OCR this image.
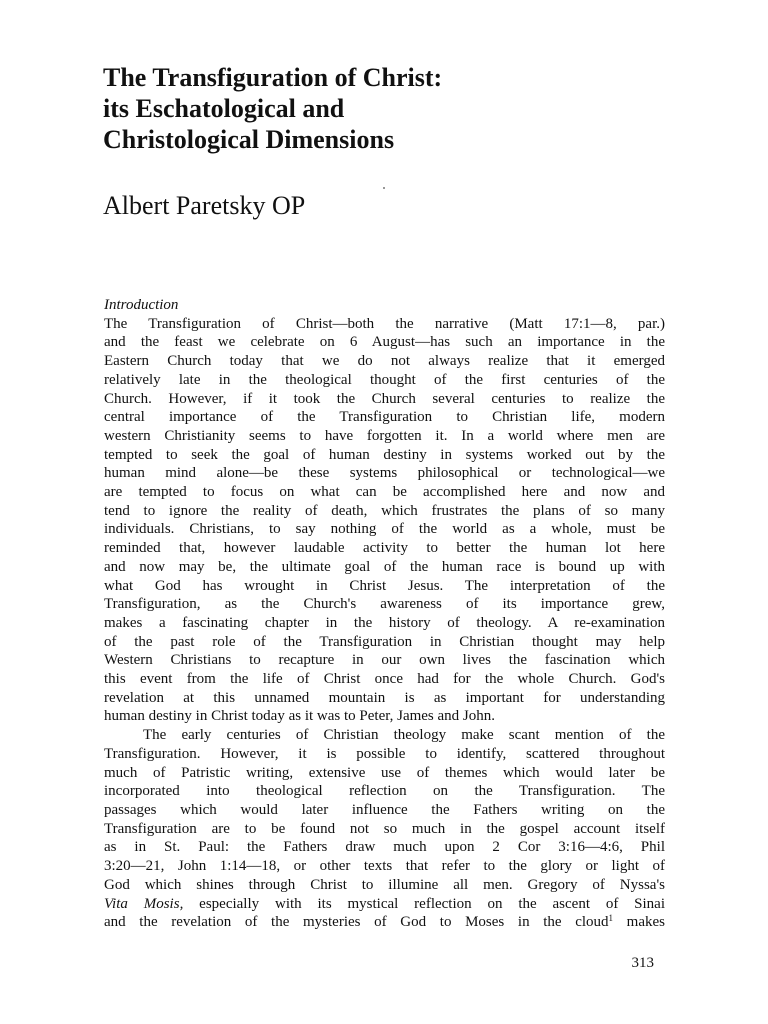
The Transfiguration of Christ:
its Eschatological and
Christological Dimensions
Albert Paretsky OP
Introduction
The Transfiguration of Christ—both the narrative (Matt 17:1—8, par.)
and the feast we celebrate on 6 August—has such an importance in the
Eastern Church today that we do not always realize that it emerged
relatively late in the theological thought of the first centuries of the
Church. However, if it took the Church several centuries to realize the
central importance of the Transfiguration to Christian life, modern
western Christianity seems to have forgotten it. In a world where men are
tempted to seek the goal of human destiny in systems worked out by the
human mind alone—be these systems philosophical or technological—we
are tempted to focus on what can be accomplished here and now and
tend to ignore the reality of death, which frustrates the plans of so many
individuals. Christians, to say nothing of the world as a whole, must be
reminded that, however laudable activity to better the human lot here
and now may be, the ultimate goal of the human race is bound up with
what God has wrought in Christ Jesus. The interpretation of the
Transfiguration, as the Church's awareness of its importance grew,
makes a fascinating chapter in the history of theology. A re-examination
of the past role of the Transfiguration in Christian thought may help
Western Christians to recapture in our own lives the fascination which
this event from the life of Christ once had for the whole Church. God's
revelation at this unnamed mountain is as important for understanding
human destiny in Christ today as it was to Peter, James and John.
The early centuries of Christian theology make scant mention of the
Transfiguration. However, it is possible to identify, scattered throughout
much of Patristic writing, extensive use of themes which would later be
incorporated into theological reflection on the Transfiguration. The
passages which would later influence the Fathers writing on the
Transfiguration are to be found not so much in the gospel account itself
as in St. Paul: the Fathers draw much upon 2 Cor 3:16—4:6, Phil
3:20—21, John 1:14—18, or other texts that refer to the glory or light of
God which shines through Christ to illumine all men. Gregory of Nyssa's
Vita Mosis, especially with its mystical reflection on the ascent of Sinai
and the revelation of the mysteries of God to Moses in the cloud$^1$ makes
313
